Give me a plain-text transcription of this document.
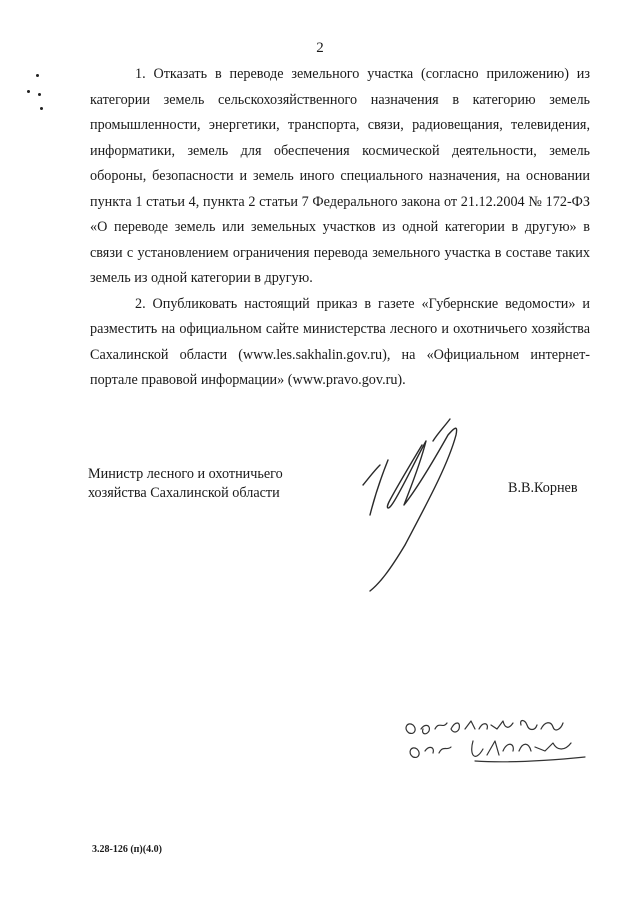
2

1. Отказать в переводе земельного участка (согласно приложению) из категории земель сельскохозяйственного назначения в категорию земель промышленности, энергетики, транспорта, связи, радиовещания, телевидения, информатики, земель для обеспечения космической деятельности, земель обороны, безопасности и земель иного специального назначения, на основании пункта 1 статьи 4, пункта 2 статьи 7 Федерального закона от 21.12.2004 № 172-ФЗ «О переводе земель или земельных участков из одной категории в другую» в связи с установлением ограничения перевода земельного участка в составе таких земель из одной категории в другую.

2. Опубликовать настоящий приказ в газете «Губернские ведомости» и разместить на официальном сайте министерства лесного и охотничьего хозяйства Сахалинской области (www.les.sakhalin.gov.ru), на «Официальном интернет-портале правовой информации» (www.pravo.gov.ru).

Министр лесного и охотничьего
хозяйства Сахалинской области	В.В.Корнев
3.28-126 (п)(4.0)
